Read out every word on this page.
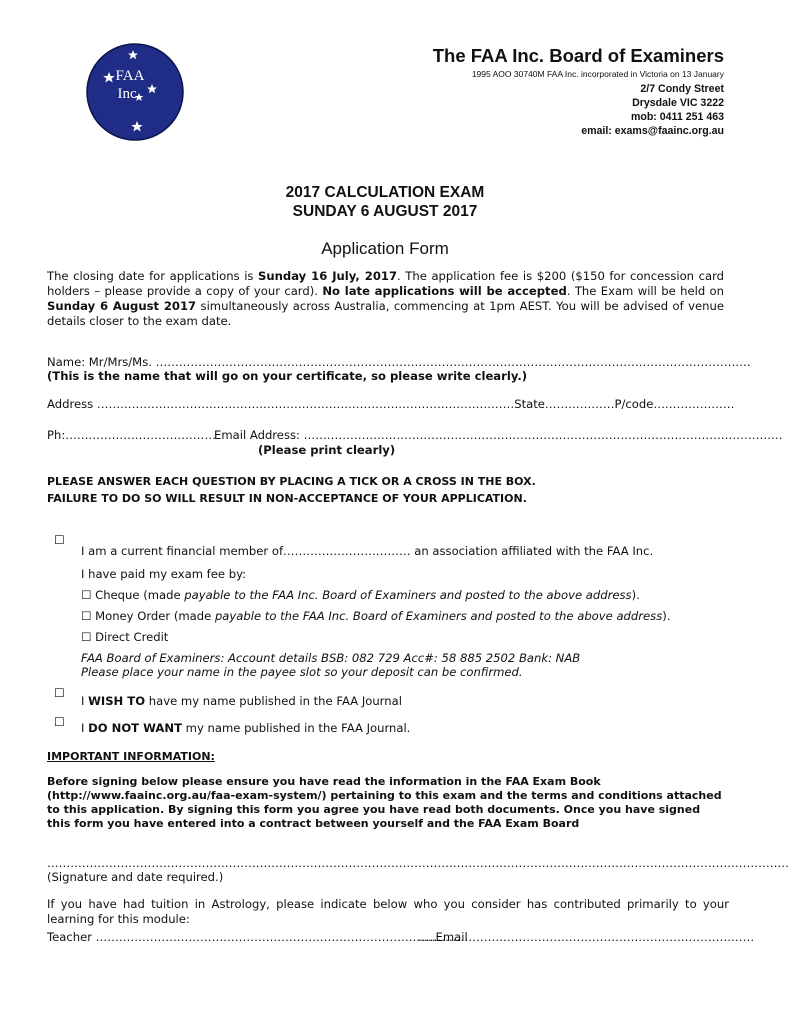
FAA
Inc.
The FAA Inc. Board of Examiners
1995 AOO 30740M FAA Inc. incorporated in Victoria on 13 January
2/7 Condy Street
Drysdale VIC 3222
mob: 0411 251 463
email: exams@faainc.org.au
2017 CALCULATION EXAM
SUNDAY 6 AUGUST 2017
Application Form
The closing date for applications is Sunday 16 July, 2017. The application fee is $200 ($150 for concession card holders – please provide a copy of your card). No late applications will be accepted. The Exam will be held on Sunday 6 August 2017 simultaneously across Australia, commencing at 1pm AEST. You will be advised of venue details closer to the exam date.
Name: Mr/Mrs/Ms. ……………………………………………………………………………………………………………………………………….
(This is the name that will go on your certificate, so please write clearly.)
Address ………………………………………………………………………………………………State………………P/code…………………
Ph:…………………………………
Email Address: …………………………………………………………….………………………………………………
(Please print clearly)
PLEASE ANSWER EACH QUESTION BY PLACING A TICK OR A CROSS IN THE BOX.
FAILURE TO DO SO WILL RESULT IN NON-ACCEPTANCE OF YOUR APPLICATION.
☐
I am a current financial member of…………………………… an association affiliated with the FAA Inc.
I have paid my exam fee by:
☐ Cheque (made payable to the FAA Inc. Board of Examiners and posted to the above address).
☐ Money Order (made payable to the FAA Inc. Board of Examiners and posted to the above address).
☐ Direct Credit
FAA Board of Examiners: Account details BSB: 082 729 Acc#: 58 885 2502 Bank: NAB
Please place your name in the payee slot so your deposit can be confirmed.
☐
I WISH TO have my name published in the FAA Journal
☐ I DO NOT WANT my name published in the FAA Journal.
IMPORTANT INFORMATION:
Before signing below please ensure you have read the information in the FAA Exam Book (http://www.faainc.org.au/faa-exam-system/) pertaining to this exam and the terms and conditions attached to this application. By signing this form you agree you have read both documents. Once you have signed this form you have entered into a contract between yourself and the FAA Exam Board
…………………………………………………………………………………………………………………………………………………………………………
(Signature and date required.)
If you have had tuition in Astrology, please indicate below who you consider has contributed primarily to your learning for this module:
Teacher …………………………………………………………………………….Email
……………………………………………………………………………
